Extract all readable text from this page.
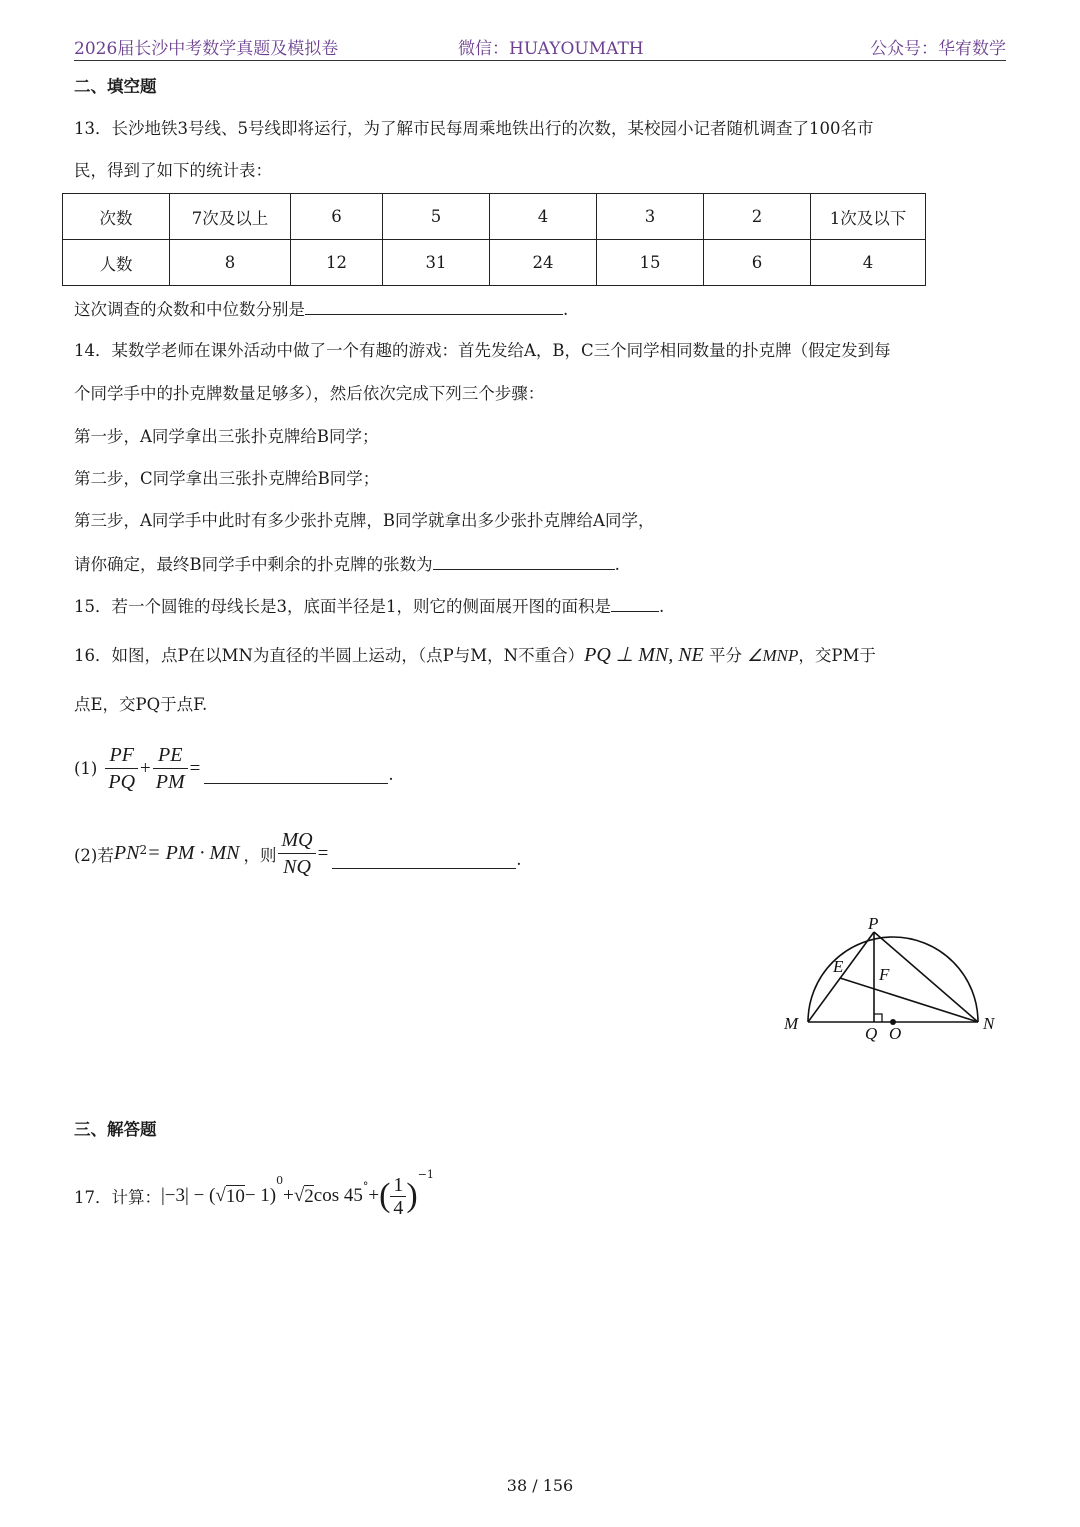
2026届长沙中考数学真题及模拟卷	微信：HUAYOUMATH	公众号：华宥数学
二、填空题
13．长沙地铁3号线、5号线即将运行，为了解市民每周乘地铁出行的次数，某校园小记者随机调查了100名市
民，得到了如下的统计表：
次数	7次及以上	6	5	4	3	2	1次及以下
人数	8	12	31	24	15	6	4
这次调查的众数和中位数分别是	.
14．某数学老师在课外活动中做了一个有趣的游戏：首先发给A，B，C三个同学相同数量的扑克牌（假定发到每
个同学手中的扑克牌数量足够多），然后依次完成下列三个步骤：
第一步，A同学拿出三张扑克牌给B同学；
第二步，C同学拿出三张扑克牌给B同学；
第三步，A同学手中此时有多少张扑克牌，B同学就拿出多少张扑克牌给A同学，
请你确定，最终B同学手中剩余的扑克牌的张数为	.
15．若一个圆锥的母线长是3，底面半径是1，则它的侧面展开图的面积是	.
16．如图，点P在以MN为直径的半圆上运动，（点P与M，N不重合）PQ ⊥ MN, NE 平分 ∠MNP，交PM于
点E，交PQ于点F.
$(1) \frac{PF}{PQ} + \frac{PE}{PM}$ =	.
(2)若 $PN^2$ = PM · MN ，则 $\frac{MQ}{NQ}$ =	.
P
E F
M
Q O
N
三、解答题
17．计算： |−3| − ( √ 10 − 1)
0
+ √ 2 cos 45 ° + ( $\frac{1}{4}$ )
−1
38 / 156
